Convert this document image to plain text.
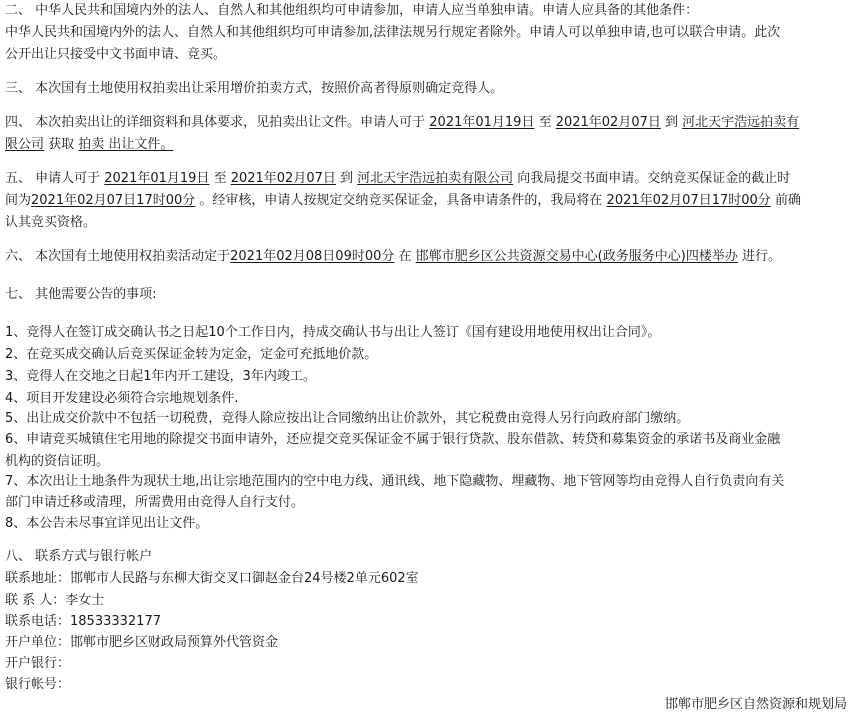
二、 中华人民共和国境内外的法人、自然人和其他组织均可申请参加，申请人应当单独申请。申请人应具备的其他条件：
中华人民共和国境内外的法人、自然人和其他组织均可申请参加,法律法规另行规定者除外。申请人可以单独申请,也可以联合申请。此次
公开出让只接受中文书面申请、竞买。
三、 本次国有土地使用权拍卖出让采用增价拍卖方式，按照价高者得原则确定竞得人。
四、 本次拍卖出让的详细资料和具体要求，见拍卖出让文件。申请人可于 2021年01月19日 至 2021年02月07日 到 河北天宇浩远拍卖有
限公司 获取 拍卖 出让文件。
五、 申请人可于 2021年01月19日 至 2021年02月07日 到 河北天宇浩远拍卖有限公司 向我局提交书面申请。交纳竞买保证金的截止时
间为2021年02月07日17时00分 。经审核，申请人按规定交纳竞买保证金，具备申请条件的，我局将在 2021年02月07日17时00分 前确
认其竞买资格。
六、 本次国有土地使用权拍卖活动定于2021年02月08日09时00分 在 邯郸市肥乡区公共资源交易中心(政务服务中心)四楼举办 进行。
七、 其他需要公告的事项:
1、竞得人在签订成交确认书之日起10个工作日内，持成交确认书与出让人签订《国有建设用地使用权出让合同》。
2、在竞买成交确认后竞买保证金转为定金，定金可充抵地价款。
3、竞得人在交地之日起1年内开工建设，3年内竣工。
4、项目开发建设必须符合宗地规划条件.
5、出让成交价款中不包括一切税费，竞得人除应按出让合同缴纳出让价款外，其它税费由竞得人另行向政府部门缴纳。
6、申请竞买城镇住宅用地的除提交书面申请外，还应提交竞买保证金不属于银行贷款、股东借款、转贷和募集资金的承诺书及商业金融
机构的资信证明。
7、本次出让土地条件为现状土地,出让宗地范围内的空中电力线、通讯线、地下隐藏物、埋藏物、地下管网等均由竞得人自行负责向有关
部门申请迁移或清理，所需费用由竞得人自行支付。
8、本公告未尽事宜详见出让文件。
八、 联系方式与银行帐户
联系地址：邯郸市人民路与东柳大街交叉口御赵金台24号楼2单元602室
联 系 人：李女士
联系电话：18533332177
开户单位：邯郸市肥乡区财政局预算外代管资金
开户银行：
银行帐号：
邯郸市肥乡区自然资源和规划局
